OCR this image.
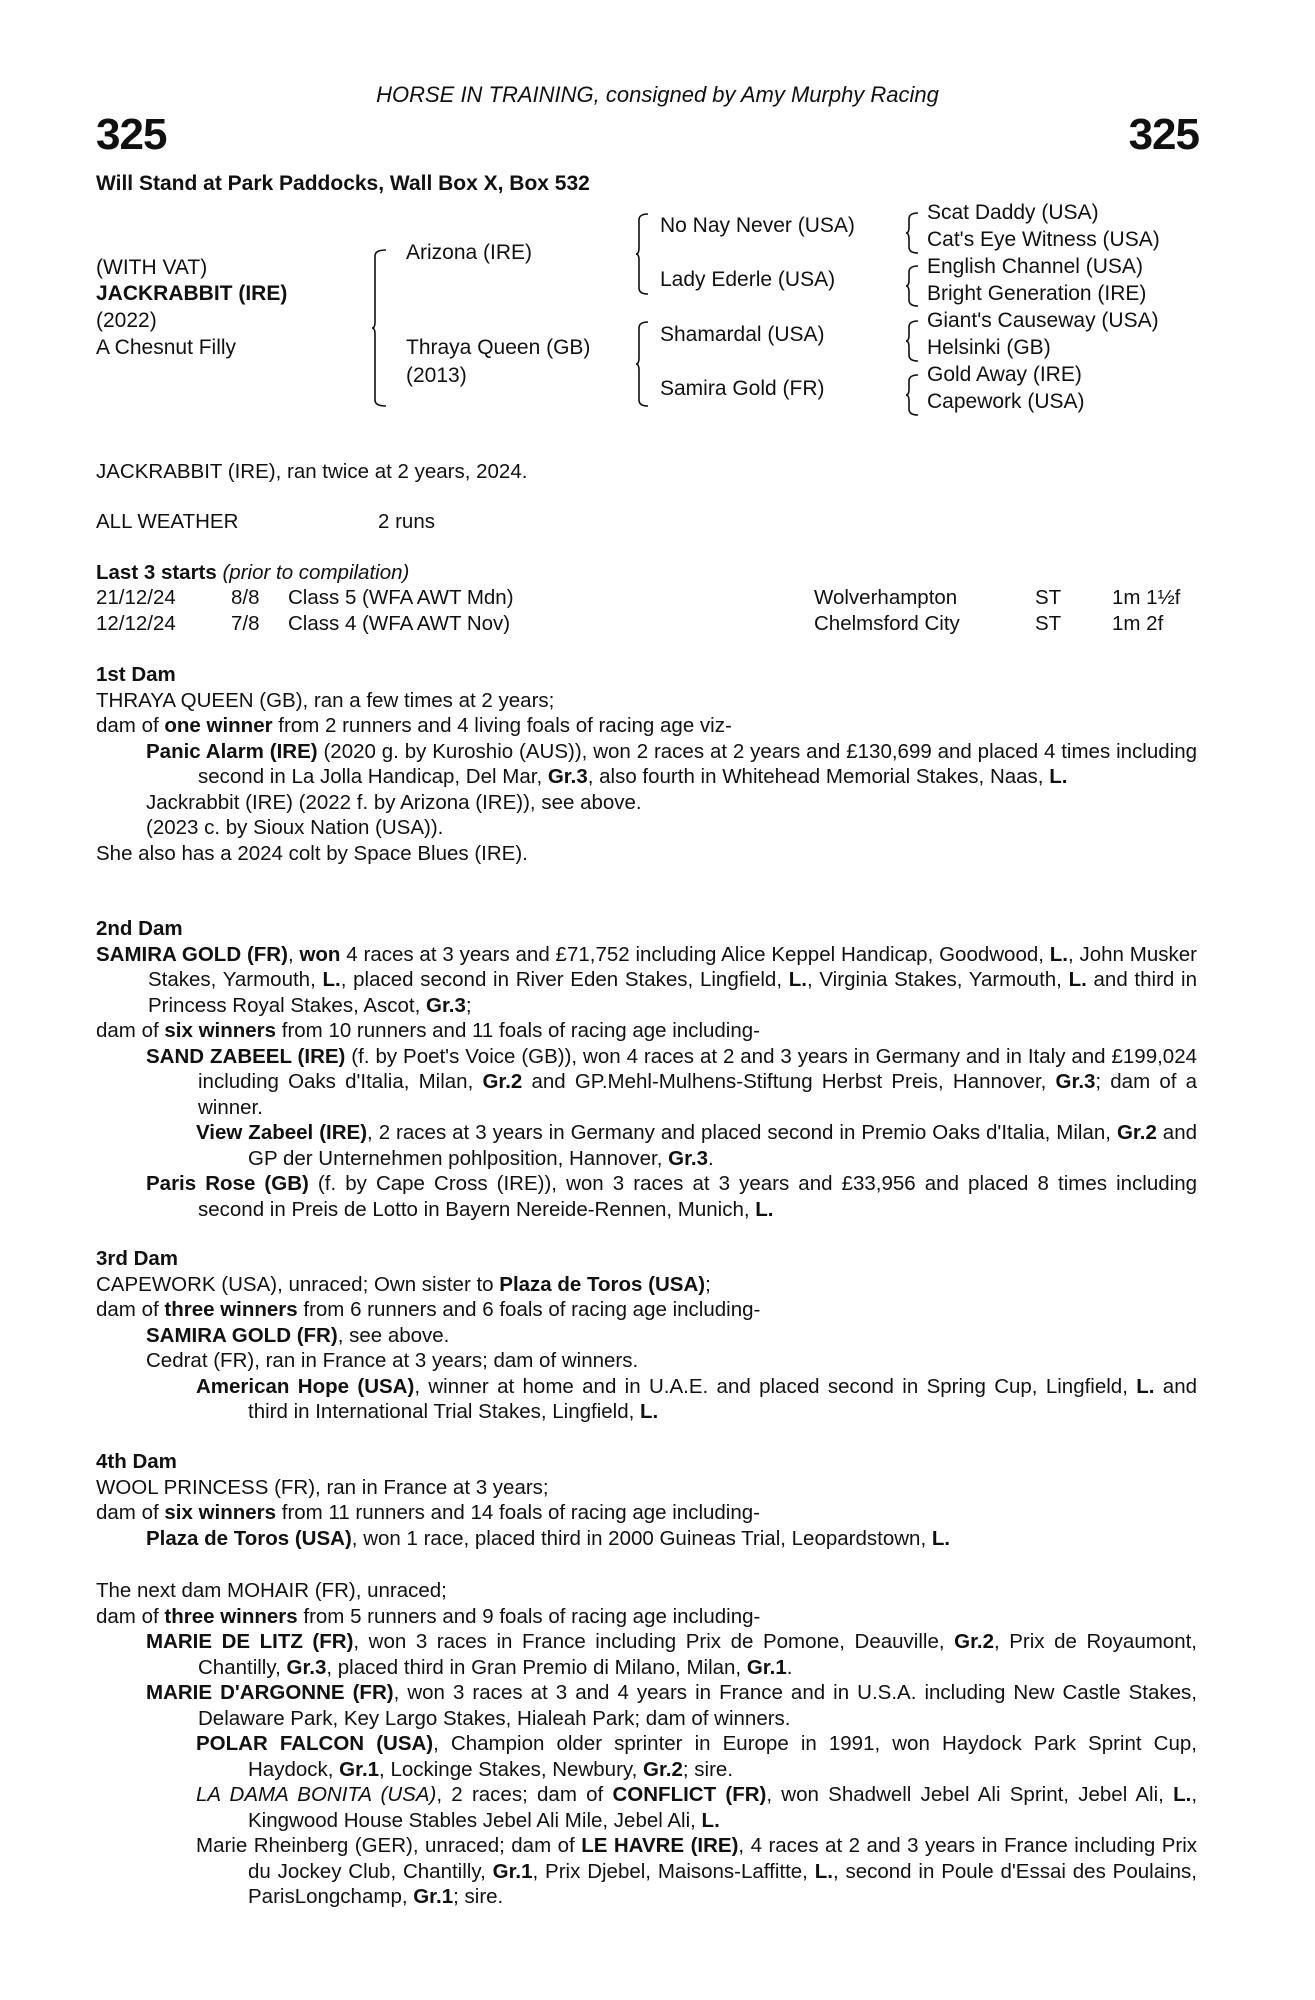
HORSE IN TRAINING, consigned by Amy Murphy Racing
325	325
Will Stand at Park Paddocks, Wall Box X, Box 532
(WITH VAT)
JACKRABBIT (IRE)
(2022)
A Chesnut Filly
Arizona (IRE)
Thraya Queen (GB)
(2013)
No Nay Never (USA)
Lady Ederle (USA)
Shamardal (USA)
Samira Gold (FR)
Scat Daddy (USA)
Cat's Eye Witness (USA)
English Channel (USA)
Bright Generation (IRE)
Giant's Causeway (USA)
Helsinki (GB)
Gold Away (IRE)
Capework (USA)
JACKRABBIT (IRE), ran twice at 2 years, 2024.
ALL WEATHER	2 runs
Last 3 starts (prior to compilation)
21/12/24	8/8 Class 5 (WFA AWT Mdn)	Wolverhampton	ST 1m 1½f
12/12/24	7/8 Class 4 (WFA AWT Nov)	Chelmsford City	ST 1m 2f
1st Dam
THRAYA QUEEN (GB), ran a few times at 2 years;
dam of one winner from 2 runners and 4 living foals of racing age viz-
Panic Alarm (IRE) (2020 g. by Kuroshio (AUS)), won 2 races at 2 years and £130,699 and placed 4 times including second in La Jolla Handicap, Del Mar, Gr.3, also fourth in Whitehead Memorial Stakes, Naas, L.
Jackrabbit (IRE) (2022 f. by Arizona (IRE)), see above.
(2023 c. by Sioux Nation (USA)).
She also has a 2024 colt by Space Blues (IRE).
2nd Dam
SAMIRA GOLD (FR), won 4 races at 3 years and £71,752 including Alice Keppel Handicap, Goodwood, L., John Musker Stakes, Yarmouth, L., placed second in River Eden Stakes, Lingfield, L., Virginia Stakes, Yarmouth, L. and third in Princess Royal Stakes, Ascot, Gr.3;
dam of six winners from 10 runners and 11 foals of racing age including-
SAND ZABEEL (IRE) (f. by Poet's Voice (GB)), won 4 races at 2 and 3 years in Germany and in Italy and £199,024 including Oaks d'Italia, Milan, Gr.2 and GP.Mehl-Mulhens-Stiftung Herbst Preis, Hannover, Gr.3; dam of a winner.
View Zabeel (IRE), 2 races at 3 years in Germany and placed second in Premio Oaks d'Italia, Milan, Gr.2 and GP der Unternehmen pohlposition, Hannover, Gr.3.
Paris Rose (GB) (f. by Cape Cross (IRE)), won 3 races at 3 years and £33,956 and placed 8 times including second in Preis de Lotto in Bayern Nereide-Rennen, Munich, L.
3rd Dam
CAPEWORK (USA), unraced; Own sister to Plaza de Toros (USA);
dam of three winners from 6 runners and 6 foals of racing age including-
SAMIRA GOLD (FR), see above.
Cedrat (FR), ran in France at 3 years; dam of winners.
American Hope (USA), winner at home and in U.A.E. and placed second in Spring Cup, Lingfield, L. and third in International Trial Stakes, Lingfield, L.
4th Dam
WOOL PRINCESS (FR), ran in France at 3 years;
dam of six winners from 11 runners and 14 foals of racing age including-
Plaza de Toros (USA), won 1 race, placed third in 2000 Guineas Trial, Leopardstown, L.
The next dam MOHAIR (FR), unraced;
dam of three winners from 5 runners and 9 foals of racing age including-
MARIE DE LITZ (FR), won 3 races in France including Prix de Pomone, Deauville, Gr.2, Prix de Royaumont, Chantilly, Gr.3, placed third in Gran Premio di Milano, Milan, Gr.1.
MARIE D'ARGONNE (FR), won 3 races at 3 and 4 years in France and in U.S.A. including New Castle Stakes, Delaware Park, Key Largo Stakes, Hialeah Park; dam of winners.
POLAR FALCON (USA), Champion older sprinter in Europe in 1991, won Haydock Park Sprint Cup, Haydock, Gr.1, Lockinge Stakes, Newbury, Gr.2; sire.
LA DAMA BONITA (USA), 2 races; dam of CONFLICT (FR), won Shadwell Jebel Ali Sprint, Jebel Ali, L., Kingwood House Stables Jebel Ali Mile, Jebel Ali, L.
Marie Rheinberg (GER), unraced; dam of LE HAVRE (IRE), 4 races at 2 and 3 years in France including Prix du Jockey Club, Chantilly, Gr.1, Prix Djebel, Maisons-Laffitte, L., second in Poule d'Essai des Poulains, ParisLongchamp, Gr.1; sire.
